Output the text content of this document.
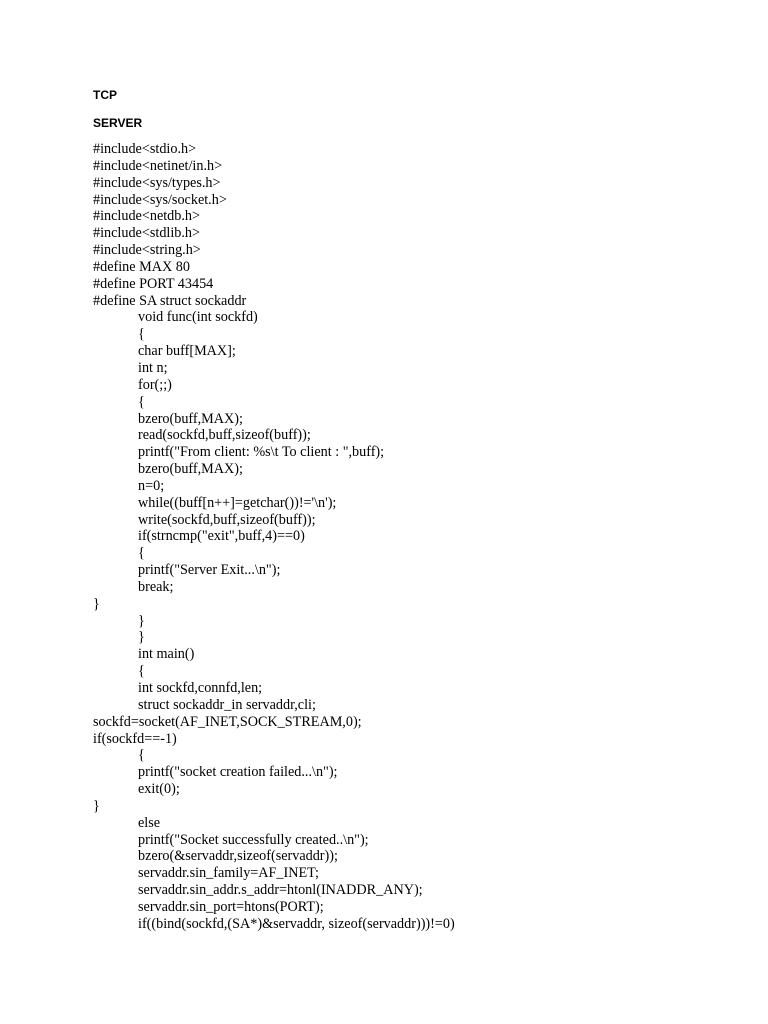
TCP
SERVER
#include<stdio.h>
#include<netinet/in.h>
#include<sys/types.h>
#include<sys/socket.h>
#include<netdb.h>
#include<stdlib.h>
#include<string.h>
#define MAX 80
#define PORT 43454
#define SA struct sockaddr
void func(int sockfd)
{
char buff[MAX];
int n;
for(;;)
{
bzero(buff,MAX);
read(sockfd,buff,sizeof(buff));
printf("From client: %s\t To client : ",buff);
bzero(buff,MAX);
n=0;
while((buff[n++]=getchar())!='\n');
write(sockfd,buff,sizeof(buff));
if(strncmp("exit",buff,4)==0)
{
printf("Server Exit...\n");
break;
}
}
}
int main()
{
int sockfd,connfd,len;
struct sockaddr_in servaddr,cli;
sockfd=socket(AF_INET,SOCK_STREAM,0);
if(sockfd==-1)
{
printf("socket creation failed...\n");
exit(0);
}
else
printf("Socket successfully created..\n");
bzero(&servaddr,sizeof(servaddr));
servaddr.sin_family=AF_INET;
servaddr.sin_addr.s_addr=htonl(INADDR_ANY);
servaddr.sin_port=htons(PORT);
if((bind(sockfd,(SA*)&servaddr, sizeof(servaddr)))!=0)
